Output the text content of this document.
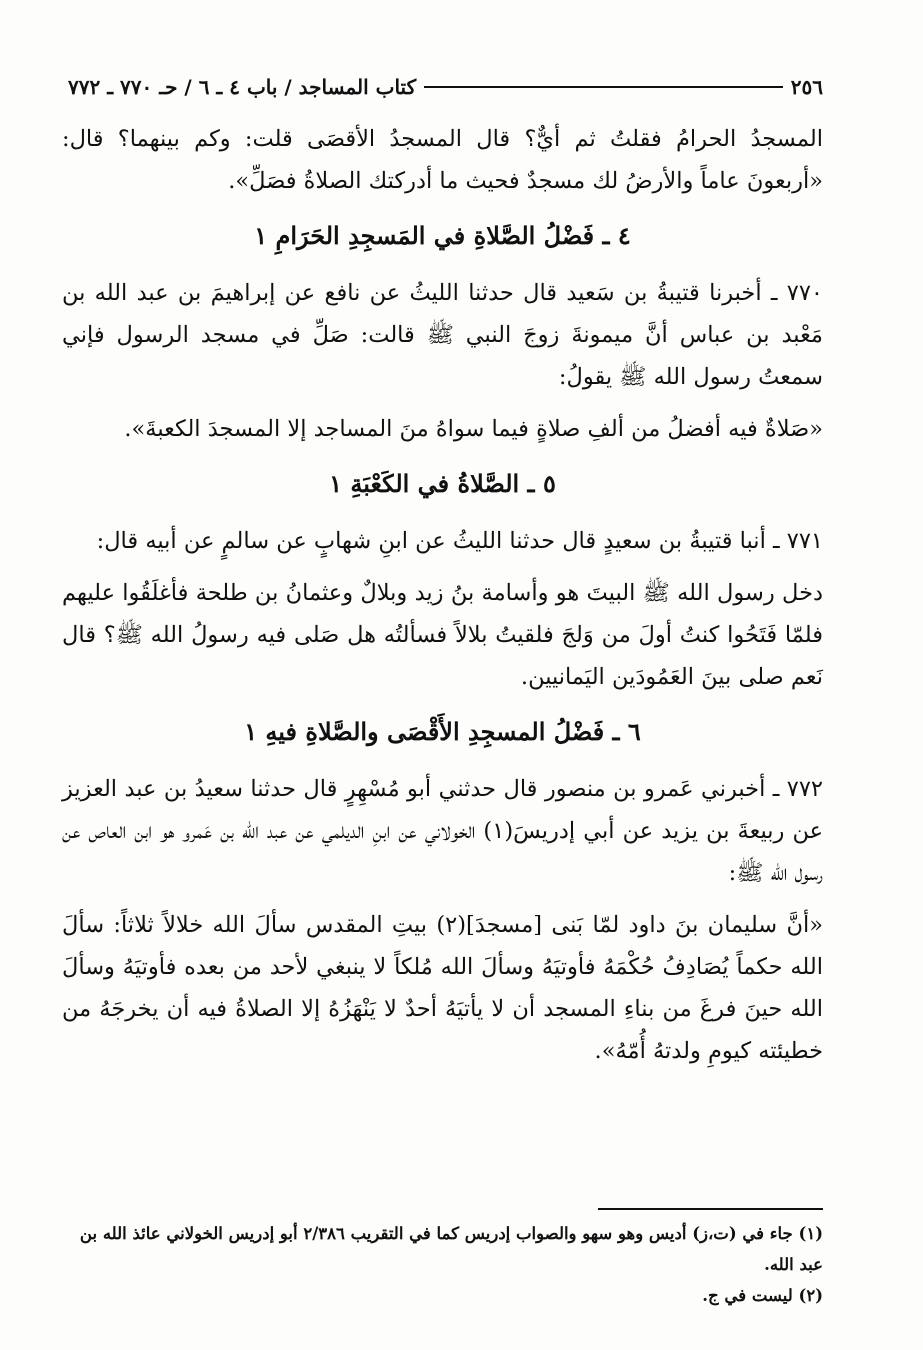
٢٥٦
كتاب المساجد / باب ٤ ـ ٦ / حـ ٧٧٠ ـ ٧٧٢

المسجدُ الحرامُ فقلتُ ثم أيٌّ؟ قال المسجدُ الأقصَى قلت: وكم بينهما؟ قال: «أربعونَ عاماً والأرضُ لك مسجدٌ فحيث ما أدركتك الصلاةُ فصَلِّ».

٤ ـ فَضْلُ الصَّلاةِ في المَسجِدِ الحَرَامِ ١

٧٧٠ ـ أخبرنا قتيبةُ بن سَعيد قال حدثنا الليثُ عن نافع عن إبراهيمَ بن عبد الله بن مَعْبد بن عباس أنَّ ميمونةَ زوجَ النبي ﷺ قالت: صَلِّ في مسجد الرسول فإني سمعتُ رسول الله ﷺ يقولُ:

«صَلاةٌ فيه أفضلُ من ألفِ صلاةٍ فيما سواهُ منَ المساجد إلا المسجدَ الكعبةَ».

٥ ـ الصَّلاةُ في الكَعْبَةِ ١

٧٧١ ـ أنبا قتيبةُ بن سعيدٍ قال حدثنا الليثُ عن ابنِ شهابٍ عن سالمٍ عن أبيه قال:

دخل رسول الله ﷺ البيتَ هو وأسامة بنُ زيد وبلالٌ وعثمانُ بن طلحة فأغلَقُوا عليهم فلمّا فَتَحُوا كنتُ أولَ من وَلجَ فلقيتُ بلالاً فسألتُه هل صَلى فيه رسولُ الله ﷺ؟ قال نَعم صلى بينَ العَمُودَين اليَمانيين.

٦ ـ فَضْلُ المسجِدِ الأَقْصَى والصَّلاةِ فيهِ ١

٧٧٢ ـ أخبرني عَمرو بن منصور قال حدثني أبو مُسْهِرٍ قال حدثنا سعيدُ بن عبد العزيز عن ربيعةَ بن يزيد عن أبي إدريسَ(١) الخولاني عن ابنِ الديلمي عن عبد الله بن عَمرو هو ابن العاص عن رسول الله ﷺ:

«أنَّ سليمان بنَ داود لمّا بَنى [مسجدَ](٢) بيتِ المقدس سألَ الله خلالاً ثلاثاً: سألَ الله حكماً يُصَادِفُ حُكْمَهُ فأوتيَهُ وسألَ الله مُلكاً لا ينبغي لأحد من بعده فأوتيَهُ وسألَ الله حينَ فرغَ من بناءِ المسجد أن لا يأتيَهُ أحدٌ لا يَنْهَزُهُ إلا الصلاةُ فيه أن يخرجَهُ من خطيئته كيومِ ولدتهُ أُمّهُ».

(١) جاء في (ت،ز) أديس وهو سهو والصواب إدريس كما في التقريب ٢/٣٨٦ أبو إدريس الخولاني عائذ الله بن عبد الله.

(٢) ليست في ج.
